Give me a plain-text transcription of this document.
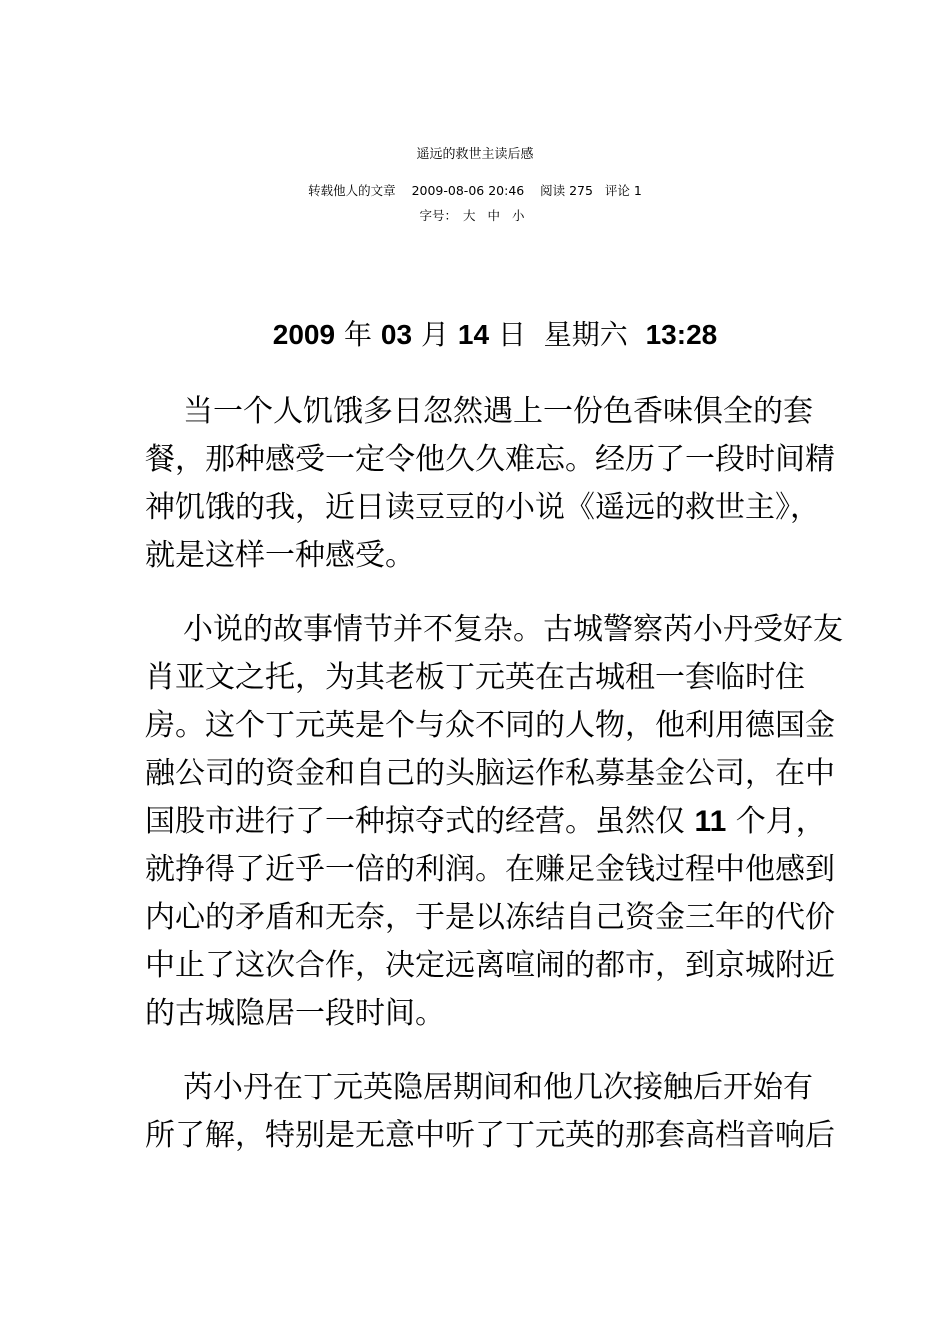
遥远的救世主读后感
转载他人的文章 2009-08-06 20:46 阅读 275 评论 1
字号： 大 中 小
2009 年 03 月 14 日 星期六 13:28

当一个人饥饿多日忽然遇上一份色香味俱全的套
餐，那种感受一定令他久久难忘。经历了一段时间精
神饥饿的我，近日读豆豆的小说《遥远的救世主》，
就是这样一种感受。

小说的故事情节并不复杂。古城警察芮小丹受好友
肖亚文之托，为其老板丁元英在古城租一套临时住
房。这个丁元英是个与众不同的人物，他利用德国金
融公司的资金和自己的头脑运作私募基金公司，在中
国股市进行了一种掠夺式的经营。虽然仅 11 个月，
就挣得了近乎一倍的利润。在赚足金钱过程中他感到
内心的矛盾和无奈，于是以冻结自己资金三年的代价
中止了这次合作，决定远离喧闹的都市，到京城附近
的古城隐居一段时间。

芮小丹在丁元英隐居期间和他几次接触后开始有
所了解，特别是无意中听了丁元英的那套高档音响后
